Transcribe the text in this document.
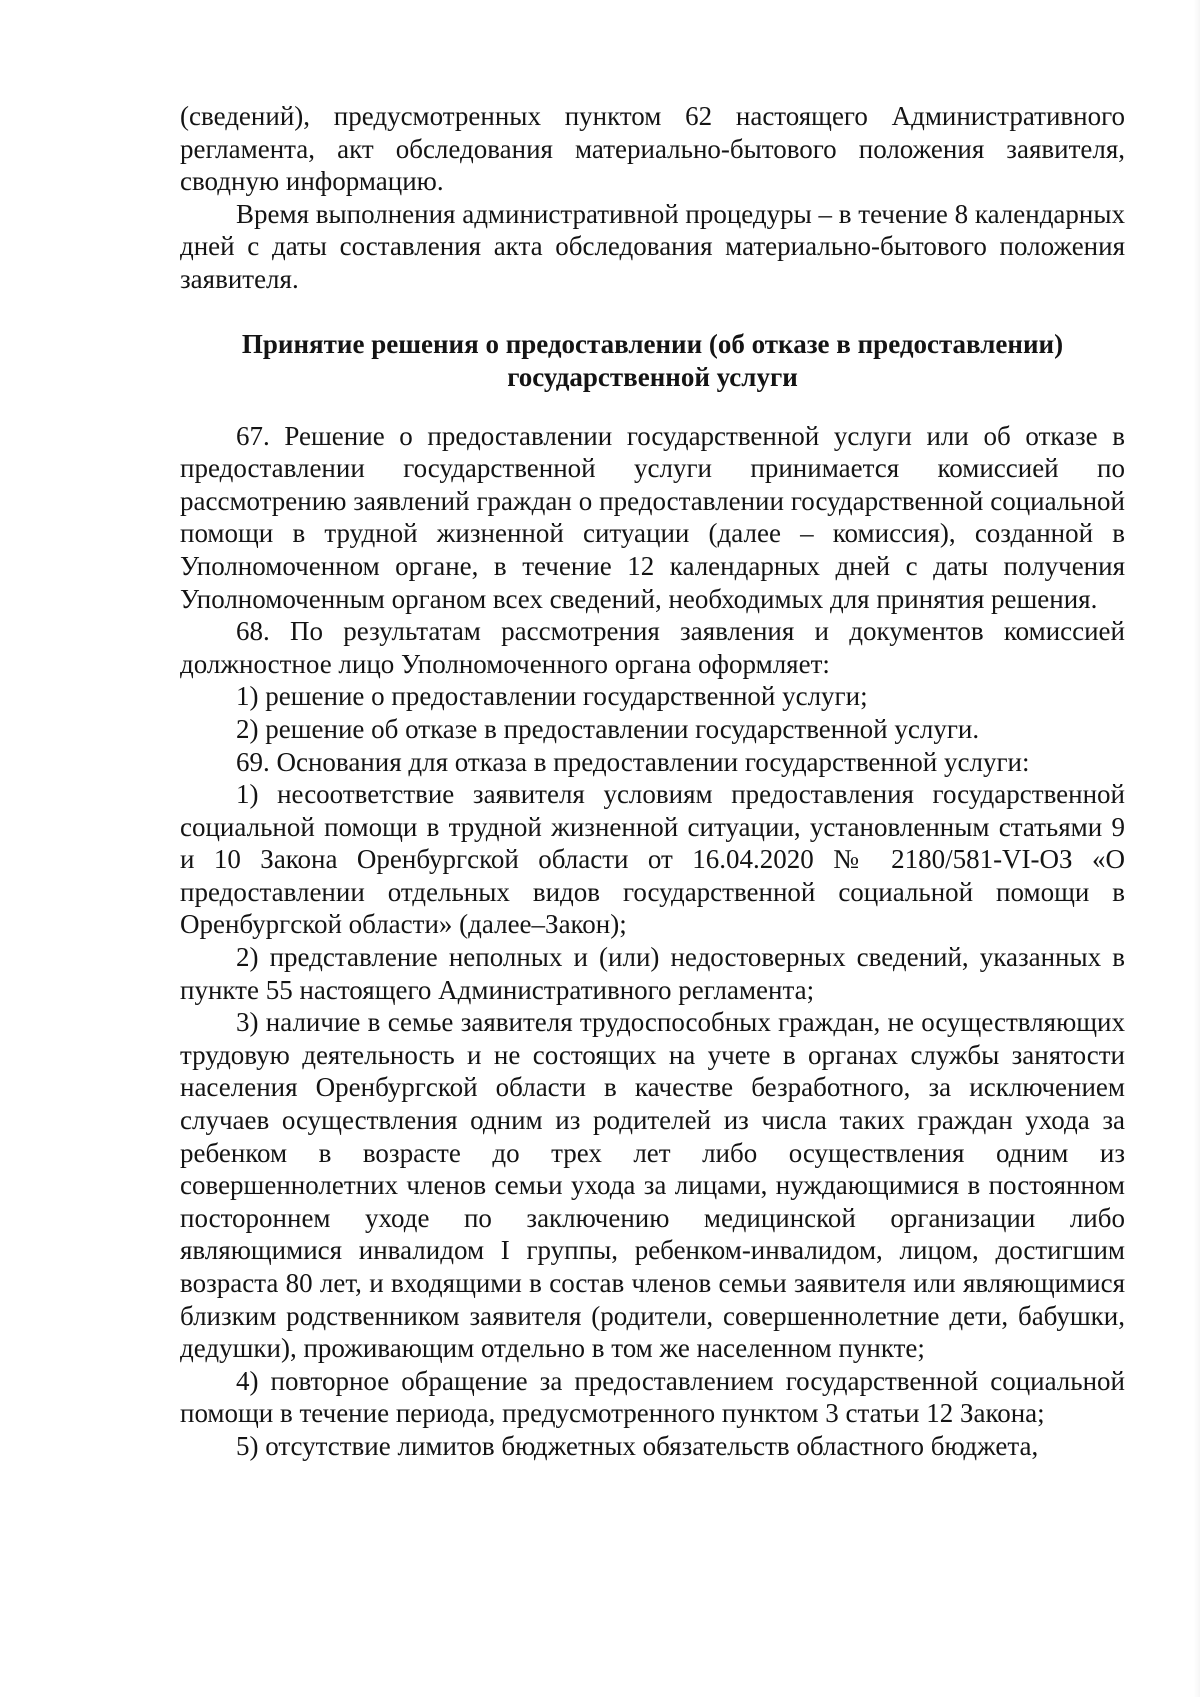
(сведений), предусмотренных пунктом 62 настоящего Административного регламента, акт обследования материально-бытового положения заявителя, сводную информацию.

Время выполнения административной процедуры – в течение 8 календарных дней с даты составления акта обследования материально-бытового положения заявителя.

Принятие решения о предоставлении (об отказе в предоставлении)
государственной услуги

67. Решение о предоставлении государственной услуги или об отказе в предоставлении государственной услуги принимается комиссией по рассмотрению заявлений граждан о предоставлении государственной социальной помощи в трудной жизненной ситуации (далее – комиссия), созданной в Уполномоченном органе, в течение 12 календарных дней с даты получения Уполномоченным органом всех сведений, необходимых для принятия решения.

68. По результатам рассмотрения заявления и документов комиссией должностное лицо Уполномоченного органа оформляет:

1) решение о предоставлении государственной услуги;

2) решение об отказе в предоставлении государственной услуги.

69. Основания для отказа в предоставлении государственной услуги:

1) несоответствие заявителя условиям предоставления государственной социальной помощи в трудной жизненной ситуации, установленным статьями 9 и 10 Закона Оренбургской области от 16.04.2020 № 2180/581-VI-ОЗ «О предоставлении отдельных видов государственной социальной помощи в Оренбургской области» (далее–Закон);

2) представление неполных и (или) недостоверных сведений, указанных в пункте 55 настоящего Административного регламента;

3) наличие в семье заявителя трудоспособных граждан, не осуществляющих трудовую деятельность и не состоящих на учете в органах службы занятости населения Оренбургской области в качестве безработного, за исключением случаев осуществления одним из родителей из числа таких граждан ухода за ребенком в возрасте до трех лет либо осуществления одним из совершеннолетних членов семьи ухода за лицами, нуждающимися в постоянном постороннем уходе по заключению медицинской организации либо являющимися инвалидом I группы, ребенком-инвалидом, лицом, достигшим возраста 80 лет, и входящими в состав членов семьи заявителя или являющимися близким родственником заявителя (родители, совершеннолетние дети, бабушки, дедушки), проживающим отдельно в том же населенном пункте;

4) повторное обращение за предоставлением государственной социальной помощи в течение периода, предусмотренного пунктом 3 статьи 12 Закона;

5) отсутствие лимитов бюджетных обязательств областного бюджета,
